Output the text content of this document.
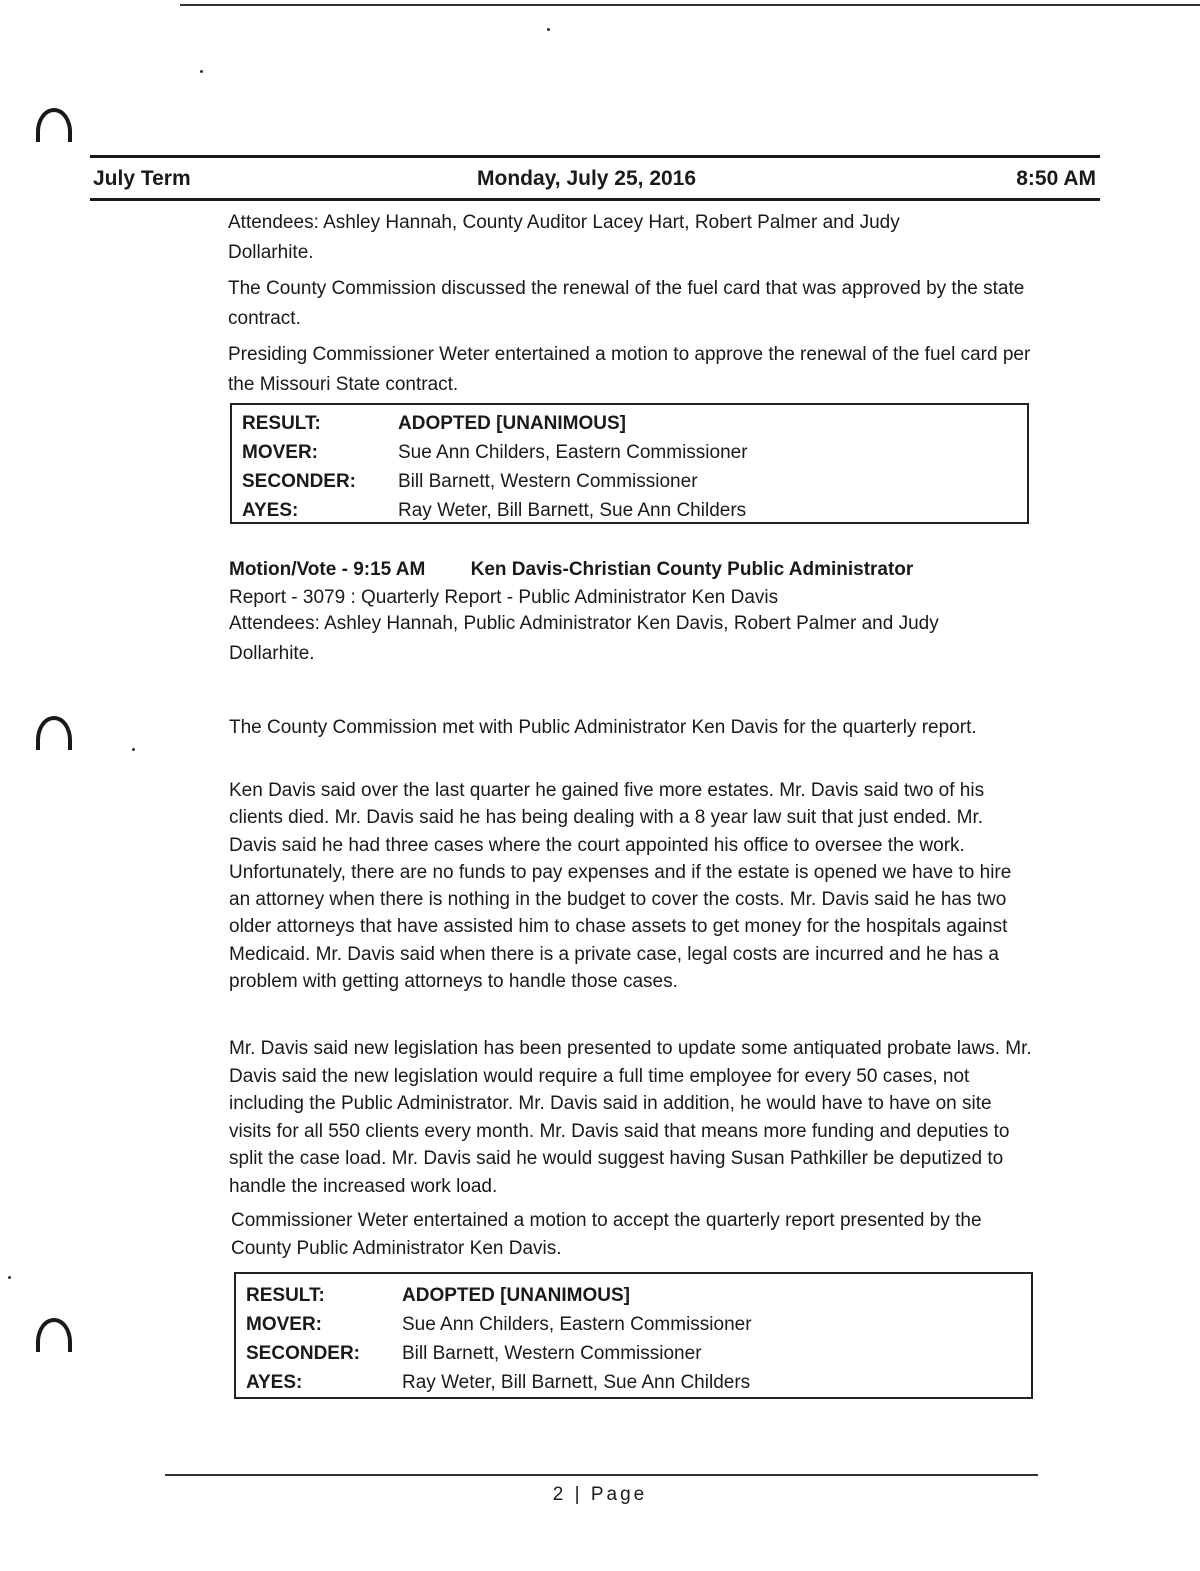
July Term	Monday, July 25, 2016	8:50 AM

Attendees: Ashley Hannah, County Auditor Lacey Hart, Robert Palmer and Judy Dollarhite.

The County Commission discussed the renewal of the fuel card that was approved by the state contract.

Presiding Commissioner Weter entertained a motion to approve the renewal of the fuel card per the Missouri State contract.

RESULT:	ADOPTED [UNANIMOUS]
MOVER:	Sue Ann Childers, Eastern Commissioner
SECONDER:	Bill Barnett, Western Commissioner
AYES:	Ray Weter, Bill Barnett, Sue Ann Childers
Motion/Vote - 9:15 AM Ken Davis-Christian County Public Administrator

Report - 3079 : Quarterly Report - Public Administrator Ken Davis

Attendees: Ashley Hannah, Public Administrator Ken Davis, Robert Palmer and Judy Dollarhite.

The County Commission met with Public Administrator Ken Davis for the quarterly report.

Ken Davis said over the last quarter he gained five more estates. Mr. Davis said two of his clients died. Mr. Davis said he has being dealing with a 8 year law suit that just ended. Mr. Davis said he had three cases where the court appointed his office to oversee the work. Unfortunately, there are no funds to pay expenses and if the estate is opened we have to hire an attorney when there is nothing in the budget to cover the costs. Mr. Davis said he has two older attorneys that have assisted him to chase assets to get money for the hospitals against Medicaid. Mr. Davis said when there is a private case, legal costs are incurred and he has a problem with getting attorneys to handle those cases.

Mr. Davis said new legislation has been presented to update some antiquated probate laws. Mr. Davis said the new legislation would require a full time employee for every 50 cases, not including the Public Administrator. Mr. Davis said in addition, he would have to have on site visits for all 550 clients every month. Mr. Davis said that means more funding and deputies to split the case load. Mr. Davis said he would suggest having Susan Pathkiller be deputized to handle the increased work load.

Commissioner Weter entertained a motion to accept the quarterly report presented by the County Public Administrator Ken Davis.

RESULT:	ADOPTED [UNANIMOUS]
MOVER:	Sue Ann Childers, Eastern Commissioner
SECONDER:	Bill Barnett, Western Commissioner
AYES:	Ray Weter, Bill Barnett, Sue Ann Childers
2 | Page
